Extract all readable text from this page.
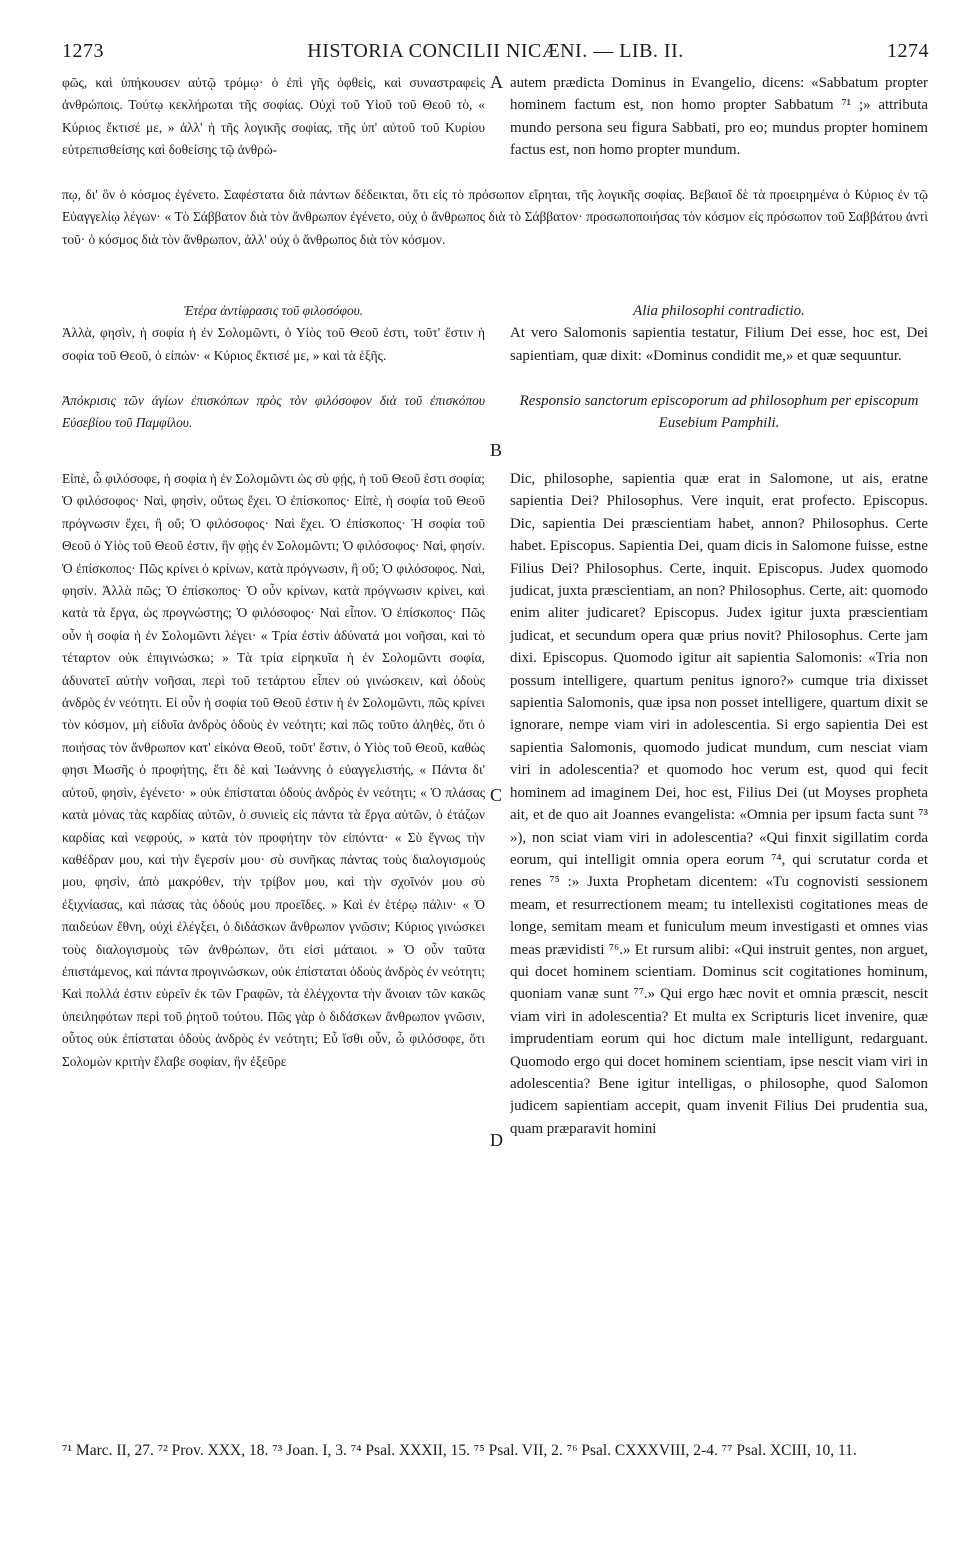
1273	HISTORIA CONCILII NICÆNI. — LIB. II.	1274

φῶς, καὶ ὑπήκουσεν αὐτῷ τρόμῳ· ὁ ἐπὶ γῆς ὀφθεὶς, καὶ συναστραφεὶς ἀνθρώποις. Τούτῳ κεκλήρωται τῆς σοφίας. Οὐχὶ τοῦ Υἱοῦ τοῦ Θεοῦ τὸ, « Κύριος ἔκτισέ με, » ἀλλ' ἡ τῆς λογικῆς σοφίας, τῆς ὑπ' αὐτοῦ τοῦ Κυρίου εὐτρεπισθείσης καὶ δοθείσης τῷ ἀνθρώ-

autem prædicta Dominus in Evangelio, dicens: «Sabbatum propter hominem factum est, non homo propter Sabbatum ⁷¹ ;» attributa mundo persona seu figura Sabbati, pro eo; mundus propter hominem factus est, non homo propter mundum.

A

πῳ, δι' ὃν ὁ κόσμος ἐγένετο. Σαφέστατα διὰ πάντων δέδεικται, ὅτι εἰς τὸ πρόσωπον εἴρηται, τῆς λογικῆς σοφίας. Βεβαιοῖ δὲ τὰ προειρημένα ὁ Κύριος ἐν τῷ Εὐαγγελίῳ λέγων· « Τὸ Σάββατον διὰ τὸν ἄνθρωπον ἐγένετο, οὐχ ὁ ἄνθρωπος διὰ τὸ Σάββατον· προσωποποιήσας τὸν κόσμον εἰς πρόσωπον τοῦ Σαββάτου ἀντὶ τοῦ· ὁ κόσμος διὰ τὸν ἄνθρωπον, ἀλλ' οὐχ ὁ ἄνθρωπος διὰ τὸν κόσμον.

Ἑτέρα ἀντίφρασις τοῦ φιλοσόφου.

Ἀλλὰ, φησὶν, ἡ σοφία ἡ ἐν Σολομῶντι, ὁ Υἱὸς τοῦ Θεοῦ ἐστι, τοῦτ' ἔστιν ἡ σοφία τοῦ Θεοῦ, ὁ εἰπών· « Κύριος ἔκτισέ με, » καὶ τὰ ἑξῆς.

Alia philosophi contradictio.

At vero Salomonis sapientia testatur, Filium Dei esse, hoc est, Dei sapientiam, quæ dixit: «Dominus condidit me,» et quæ sequuntur.

Ἀπόκρισις τῶν ἁγίων ἐπισκόπων πρὸς τὸν φιλόσοφον διὰ τοῦ ἐπισκόπου Εὐσεβίου τοῦ Παμφίλου.

Responsio sanctorum episcoporum ad philosophum per episcopum Eusebium Pamphili.

B

Εἰπὲ, ὦ φιλόσοφε, ἡ σοφία ἡ ἐν Σολομῶντι ὡς σὺ φῄς, ἡ τοῦ Θεοῦ ἐστι σοφία; Ὁ φιλόσοφος· Ναὶ, φησὶν, οὕτως ἔχει. Ὁ ἐπίσκοπος· Εἰπὲ, ἡ σοφία τοῦ Θεοῦ πρόγνωσιν ἔχει, ἢ οὔ; Ὁ φιλόσοφος· Ναὶ ἔχει. Ὁ ἐπίσκοπος· Ἡ σοφία τοῦ Θεοῦ ὁ Υἱὸς τοῦ Θεοῦ ἐστιν, ἣν φῂς ἐν Σολομῶντι; Ὁ φιλόσοφος· Ναὶ, φησίν. Ὁ ἐπίσκοπος· Πῶς κρίνει ὁ κρίνων, κατὰ πρόγνωσιν, ἢ οὔ; Ὁ φιλόσοφος. Ναὶ, φησίν. Ἀλλὰ πῶς; Ὁ ἐπίσκοπος· Ὁ οὖν κρίνων, κατὰ πρόγνωσιν κρίνει, καὶ κατὰ τὰ ἔργα, ὡς προγνώστης; Ὁ φιλόσοφος· Ναὶ εἶπον. Ὁ ἐπίσκοπος· Πῶς οὖν ἡ σοφία ἡ ἐν Σολομῶντι λέγει· « Τρία ἐστὶν ἀδύνατά μοι νοῆσαι, καὶ τὸ τέταρτον οὐκ ἐπιγινώσκω; » Τὰ τρία εἰρηκυῖα ἡ ἐν Σολομῶντι σοφία, ἀδυνατεῖ αὐτὴν νοῆσαι, περὶ τοῦ τετάρτου εἶπεν οὐ γινώσκειν, καὶ ὁδοὺς ἀνδρὸς ἐν νεότητι. Εἰ οὖν ἡ σοφία τοῦ Θεοῦ ἐστιν ἡ ἐν Σολομῶντι, πῶς κρίνει τὸν κόσμον, μὴ εἰδυῖα ἀνδρὸς ὁδοὺς ἐν νεότητι; καὶ πῶς τοῦτο ἀληθὲς, ὅτι ὁ ποιήσας τὸν ἄνθρωπον κατ' εἰκόνα Θεοῦ, τοῦτ' ἔστιν, ὁ Υἱὸς τοῦ Θεοῦ, καθὼς φησι Μωσῆς ὁ προφήτης, ἔτι δὲ καὶ Ἰωάννης ὁ εὐαγγελιστής, « Πάντα δι' αὐτοῦ, φησὶν, ἐγένετο· » οὐκ ἐπίσταται ὁδοὺς ἀνδρὸς ἐν νεότητι; « Ὁ πλάσας κατὰ μόνας τὰς καρδίας αὐτῶν, ὁ συνιεὶς εἰς πάντα τὰ ἔργα αὐτῶν, ὁ ἐτάζων καρδίας καὶ νεφρούς, » κατὰ τὸν προφήτην τὸν εἰπόντα· « Σὺ ἔγνως τὴν καθέδραν μου, καὶ τὴν ἔγερσίν μου· σὺ συνῆκας πάντας τοὺς διαλογισμούς μου, φησὶν, ἀπὸ μακρόθεν, τὴν τρίβον μου, καὶ τὴν σχοῖνόν μου σὺ ἐξιχνίασας, καὶ πάσας τὰς ὁδούς μου προεῖδες. » Καὶ ἐν ἑτέρῳ πάλιν· « Ὁ παιδεύων ἔθνη, οὐχὶ ἐλέγξει, ὁ διδάσκων ἄνθρωπον γνῶσιν; Κύριος γινώσκει τοὺς διαλογισμοὺς τῶν ἀνθρώπων, ὅτι εἰσὶ μάταιοι. » Ὁ οὖν ταῦτα ἐπιστάμενος, καὶ πάντα προγινώσκων, οὐκ ἐπίσταται ὁδοὺς ἀνδρὸς ἐν νεότητι; Καὶ πολλά ἐστιν εὑρεῖν ἐκ τῶν Γραφῶν, τὰ ἐλέγχοντα τὴν ἄνοιαν τῶν κακῶς ὑπειληφότων περὶ τοῦ ῥητοῦ τούτου. Πῶς γὰρ ὁ διδάσκων ἄνθρωπον γνῶσιν, οὗτος οὐκ ἐπίσταται ὁδοὺς ἀνδρὸς ἐν νεότητι; Εὖ ἴσθι οὖν, ὦ φιλόσοφε, ὅτι Σολομὼν κριτὴν ἔλαβε σοφίαν, ἣν ἐξεῦρε

Dic, philosophe, sapientia quæ erat in Salomone, ut ais, eratne sapientia Dei? Philosophus. Vere inquit, erat profecto. Episcopus. Dic, sapientia Dei præscientiam habet, annon? Philosophus. Certe habet. Episcopus. Sapientia Dei, quam dicis in Salomone fuisse, estne Filius Dei? Philosophus. Certe, inquit. Episcopus. Judex quomodo judicat, juxta præscientiam, an non? Philosophus. Certe, ait: quomodo enim aliter judicaret? Episcopus. Judex igitur juxta præscientiam judicat, et secundum opera quæ prius novit? Philosophus. Certe jam dixi. Episcopus. Quomodo igitur ait sapientia Salomonis: «Tria non possum intelligere, quartum penitus ignoro?» cumque tria dixisset sapientia Salomonis, quæ ipsa non posset intelligere, quartum dixit se ignorare, nempe viam viri in adolescentia. Si ergo sapientia Dei est sapientia Salomonis, quomodo judicat mundum, cum nesciat viam viri in adolescentia? et quomodo hoc verum est, quod qui fecit hominem ad imaginem Dei, hoc est, Filius Dei (ut Moyses propheta ait, et de quo ait Joannes evangelista: «Omnia per ipsum facta sunt ⁷³ »), non sciat viam viri in adolescentia? «Qui finxit sigillatim corda eorum, qui intelligit omnia opera eorum ⁷⁴, qui scrutatur corda et renes ⁷⁵ :» Juxta Prophetam dicentem: «Tu cognovisti sessionem meam, et resurrectionem meam; tu intellexisti cogitationes meas de longe, semitam meam et funiculum meum investigasti et omnes vias meas prævidisti ⁷⁶.» Et rursum alibi: «Qui instruit gentes, non arguet, qui docet hominem scientiam. Dominus scit cogitationes hominum, quoniam vanæ sunt ⁷⁷.» Qui ergo hæc novit et omnia præscit, nescit viam viri in adolescentia? Et multa ex Scripturis licet invenire, quæ imprudentiam eorum qui hoc dictum male intelligunt, redarguant. Quomodo ergo qui docet hominem scientiam, ipse nescit viam viri in adolescentia? Bene igitur intelligas, o philosophe, quod Salomon judicem sapientiam accepit, quam invenit Filius Dei prudentia sua, quam præparavit homini

C
D

⁷¹ Marc. II, 27. ⁷² Prov. XXX, 18. ⁷³ Joan. I, 3. ⁷⁴ Psal. XXXII, 15. ⁷⁵ Psal. VII, 2. ⁷⁶ Psal. CXXXVIII, 2-4. ⁷⁷ Psal. XCIII, 10, 11.
